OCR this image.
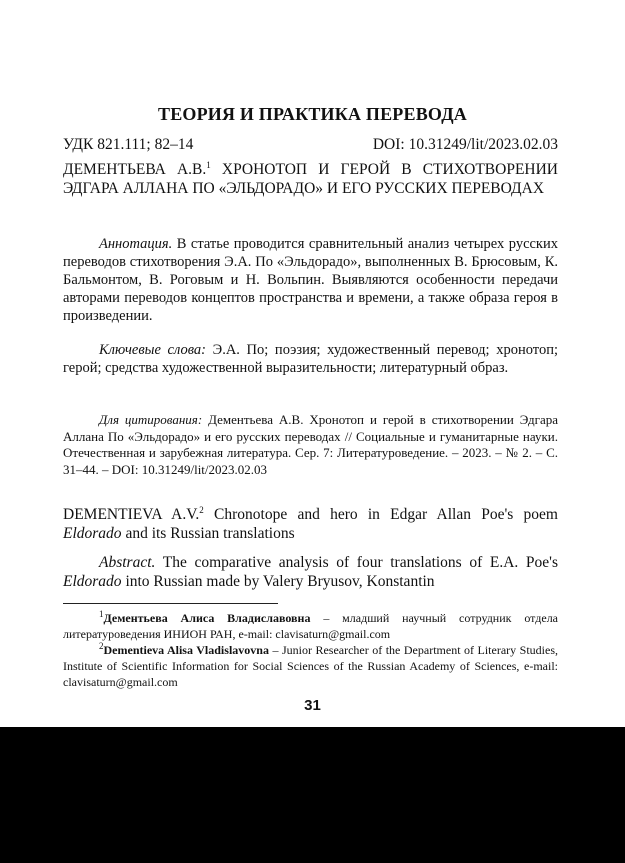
ТЕОРИЯ И ПРАКТИКА ПЕРЕВОДА
УДК 821.111; 82–14	DOI: 10.31249/lit/2023.02.03
ДЕМЕНТЬЕВА А.В.$^1$ ХРОНОТОП И ГЕРОЙ В СТИХОТВОРЕНИИ ЭДГАРА АЛЛАНА ПО «ЭЛЬДОРАДО» И ЕГО РУССКИХ ПЕРЕВОДАХ
Аннотация. В статье проводится сравнительный анализ четырех русских переводов стихотворения Э.А. По «Эльдорадо», выполненных В. Брюсовым, К. Бальмонтом, В. Роговым и Н. Вольпин. Выявляются особенности передачи авторами переводов концептов пространства и времени, а также образа героя в произведении.
Ключевые слова: Э.А. По; поэзия; художественный перевод; хронотоп; герой; средства художественной выразительности; литературный образ.
Для цитирования: Дементьева А.В. Хронотоп и герой в стихотворении Эдгара Аллана По «Эльдорадо» и его русских переводах // Социальные и гуманитарные науки. Отечественная и зарубежная литература. Сер. 7: Литературоведение. – 2023. – № 2. – С. 31–44. – DOI: 10.31249/lit/2023.02.03
DEMENTIEVA A.V.$^2$ Chronotope and hero in Edgar Allan Poe's poem Eldorado and its Russian translations
Abstract. The comparative analysis of four translations of E.A. Poe's Eldorado into Russian made by Valery Bryusov, Konstantin
$^1$Дементьева Алиса Владиславовна – младший научный сотрудник отдела литературоведения ИНИОН РАН, e-mail: clavisaturn@gmail.com
$^2$Dementieva Alisa Vladislavovna – Junior Researcher of the Department of Literary Studies, Institute of Scientific Information for Social Sciences of the Russian Academy of Sciences, e-mail: clavisaturn@gmail.com
31
